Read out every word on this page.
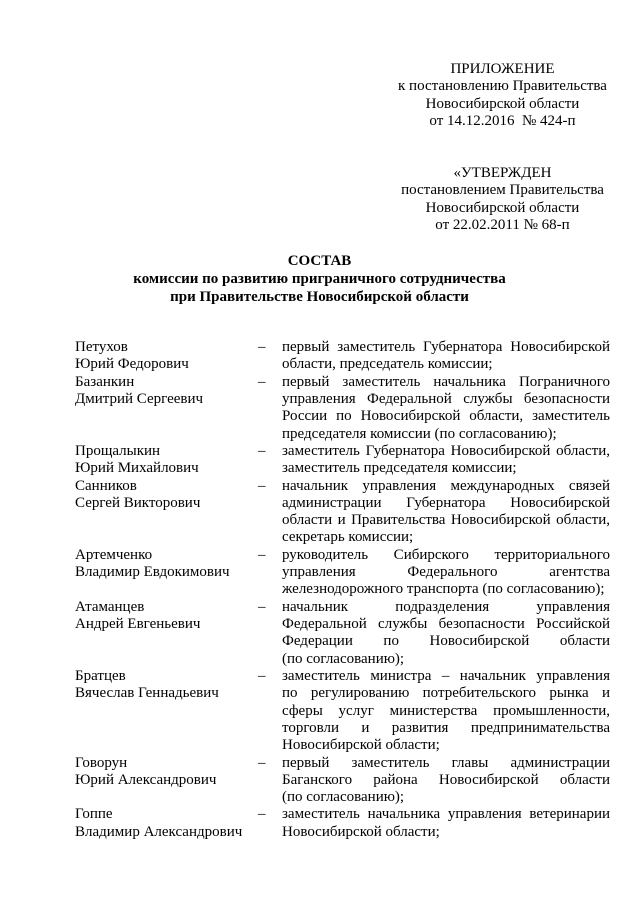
ПРИЛОЖЕНИЕ
к постановлению Правительства
Новосибирской области
от 14.12.2016  № 424-п
«УТВЕРЖДЕН
постановлением Правительства
Новосибирской области
от 22.02.2011 № 68-п
СОСТАВ
комиссии по развитию приграничного сотрудничества
при Правительстве Новосибирской области
Петухов
Юрий Федорович
–	первый заместитель Губернатора Новосибирской
области, председатель комиссии;
Базанкин
Дмитрий Сергеевич
–	первый заместитель начальника Пограничного
управления Федеральной службы безопасности
России по Новосибирской области, заместитель
председателя комиссии (по согласованию);
Прощалыкин
Юрий Михайлович
–	заместитель Губернатора Новосибирской области,
заместитель председателя комиссии;
Санников
Сергей Викторович
–	начальник управления международных связей
администрации Губернатора Новосибирской
области и Правительства Новосибирской области,
секретарь комиссии;
Артемченко
Владимир Евдокимович
–	руководитель Сибирского территориального
управления Федерального агентства
железнодорожного транспорта (по согласованию);
Атаманцев
Андрей Евгеньевич
–	начальник подразделения управления
Федеральной службы безопасности Российской
Федерации по Новосибирской области
(по согласованию);
Братцев
Вячеслав Геннадьевич
–	заместитель министра – начальник управления
по регулированию потребительского рынка и
сферы услуг министерства промышленности,
торговли и развития предпринимательства
Новосибирской области;
Говорун
Юрий Александрович
–	первый заместитель главы администрации
Баганского района Новосибирской области
(по согласованию);
Гоппе
Владимир Александрович
–	заместитель начальника управления ветеринарии
Новосибирской области;
